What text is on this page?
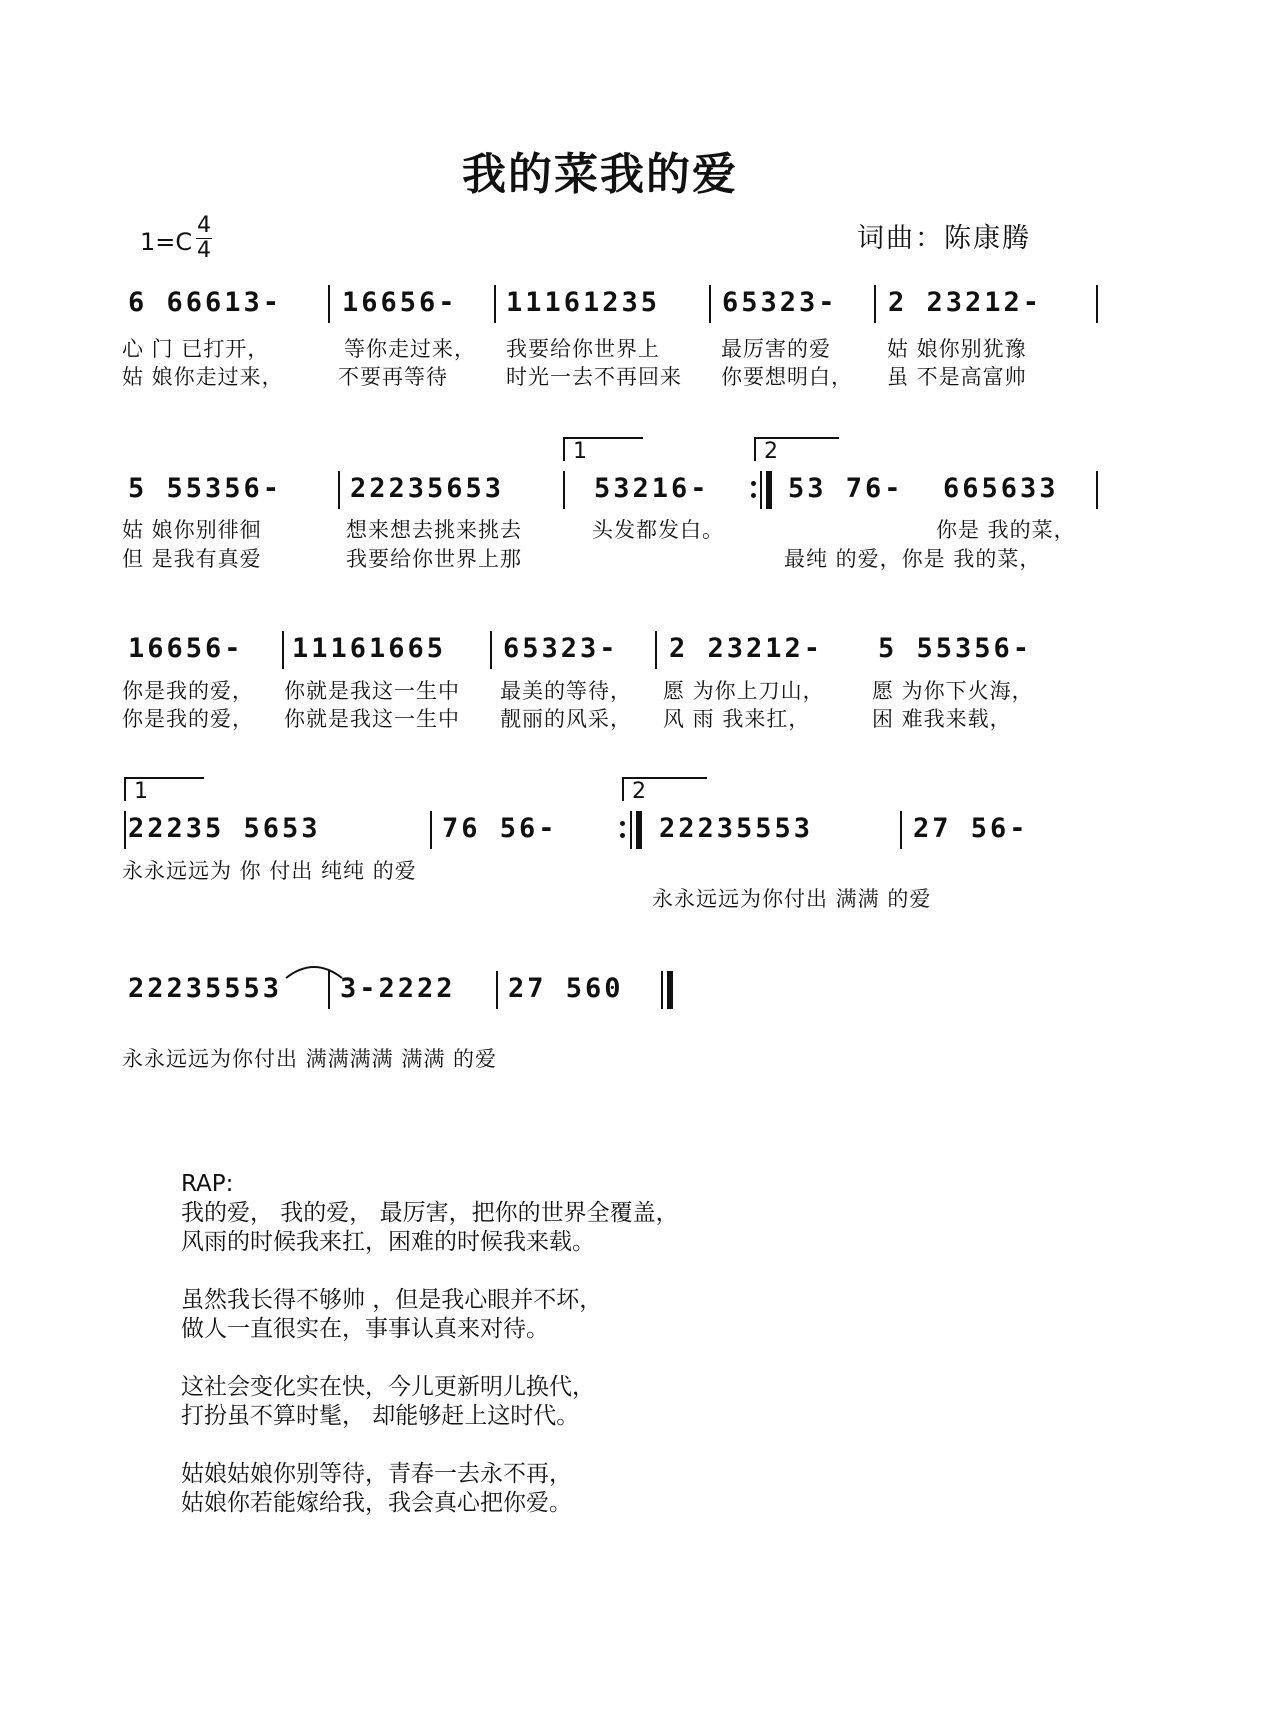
我的菜我的爱
1=C
4
4	词曲：陈康腾
6 66613- 16656- 11161235 65323- 2 23212-
心 门 已打开，	等你走过来， 我要给你世界上	最厉害的爱	姑 娘你别犹豫
姑 娘你走过来，	不要再等待	时光一去不再回来 你要想明白， 虽 不是高富帅
1	2
5 55356-	22235653	53216-	53 76- 665633
姑 娘你别徘徊	想来想去挑来挑去	头发都发白。	你是 我的菜，
但 是我有真爱	我要给你世界上那	最纯 的爱，你是 我的菜，
16656- 11161665 65323- 2 23212- 5 55356-
你是我的爱， 你就是我这一生中 最美的等待， 愿 为你上刀山， 愿 为你下火海，
你是我的爱， 你就是我这一生中 靓丽的风采， 风 雨 我来扛，	困 难我来载，
1	2
22235 5653	76 56-	22235553	27 56-
永永远远为 你 付出 纯纯 的爱
永永远远为你付出 满满 的爱
22235553 3-2222 27 560
永永远远为你付出 满满满满 满满 的爱
RAP:
我的爱， 我的爱， 最厉害，把你的世界全覆盖，
风雨的时候我来扛，困难的时候我来载。
虽然我长得不够帅 ，但是我心眼并不坏，
做人一直很实在，事事认真来对待。
这社会变化实在快，今儿更新明儿换代，
打扮虽不算时髦， 却能够赶上这时代。
姑娘姑娘你别等待，青春一去永不再，
姑娘你若能嫁给我，我会真心把你爱。
